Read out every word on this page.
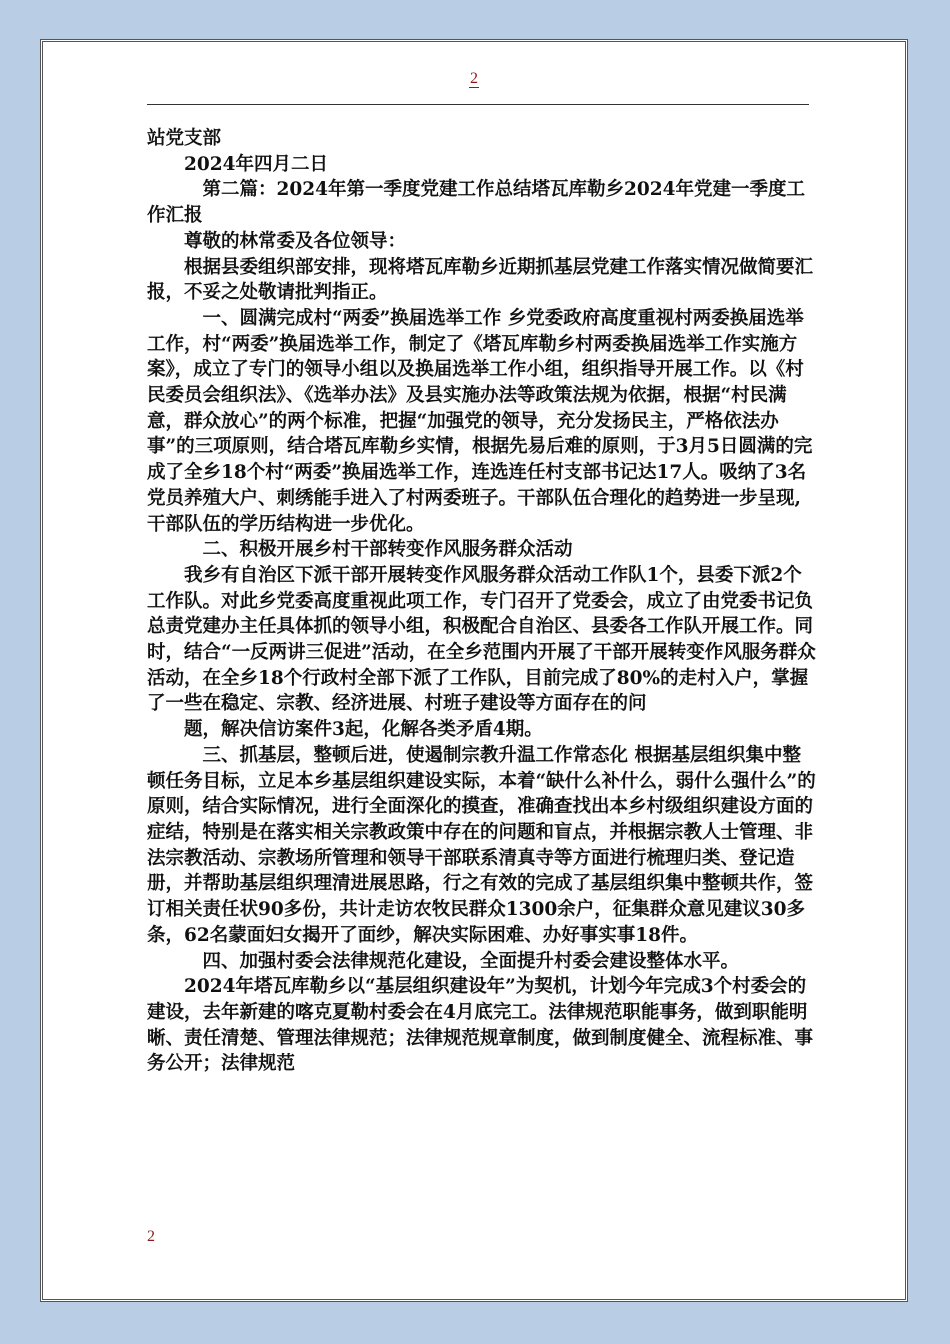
2

站党支部

2024年四月二日

第二篇：2024年第一季度党建工作总结塔瓦库勒乡2024年党建一季度工作汇报

尊敬的林常委及各位领导：

根据县委组织部安排，现将塔瓦库勒乡近期抓基层党建工作落实情况做简要汇报，不妥之处敬请批判指正。

一、圆满完成村“两委”换届选举工作 乡党委政府高度重视村两委换届选举工作，村“两委”换届选举工作，制定了《塔瓦库勒乡村两委换届选举工作实施方案》，成立了专门的领导小组以及换届选举工作小组，组织指导开展工作。以《村民委员会组织法》、《选举办法》及县实施办法等政策法规为依据，根据“村民满意，群众放心”的两个标准，把握“加强党的领导，充分发扬民主，严格依法办事”的三项原则，结合塔瓦库勒乡实情，根据先易后难的原则，于3月5日圆满的完成了全乡18个村“两委”换届选举工作，连选连任村支部书记达17人。吸纳了3名党员养殖大户、刺绣能手进入了村两委班子。干部队伍合理化的趋势进一步呈现,干部队伍的学历结构进一步优化。

二、积极开展乡村干部转变作风服务群众活动

我乡有自治区下派干部开展转变作风服务群众活动工作队1个，县委下派2个工作队。对此乡党委高度重视此项工作，专门召开了党委会，成立了由党委书记负总责党建办主任具体抓的领导小组，积极配合自治区、县委各工作队开展工作。同时，结合“一反两讲三促进”活动，在全乡范围内开展了干部开展转变作风服务群众活动，在全乡18个行政村全部下派了工作队，目前完成了80%的走村入户，掌握了一些在稳定、宗教、经济进展、村班子建设等方面存在的问

题，解决信访案件3起，化解各类矛盾4期。

三、抓基层，整顿后进，使遏制宗教升温工作常态化 根据基层组织集中整顿任务目标，立足本乡基层组织建设实际，本着“缺什么补什么，弱什么强什么”的原则，结合实际情况，进行全面深化的摸查，准确查找出本乡村级组织建设方面的症结，特别是在落实相关宗教政策中存在的问题和盲点，并根据宗教人士管理、非法宗教活动、宗教场所管理和领导干部联系清真寺等方面进行梳理归类、登记造册，并帮助基层组织理清进展思路，行之有效的完成了基层组织集中整顿共作，签订相关责任状90多份，共计走访农牧民群众1300余户，征集群众意见建议30多条，62名蒙面妇女揭开了面纱，解决实际困难、办好事实事18件。

四、加强村委会法律规范化建设，全面提升村委会建设整体水平。

2024年塔瓦库勒乡以“基层组织建设年”为契机，计划今年完成3个村委会的建设，去年新建的喀克夏勒村委会在4月底完工。法律规范职能事务，做到职能明晰、责任清楚、管理法律规范；法律规范规章制度，做到制度健全、流程标准、事务公开；法律规范

2
